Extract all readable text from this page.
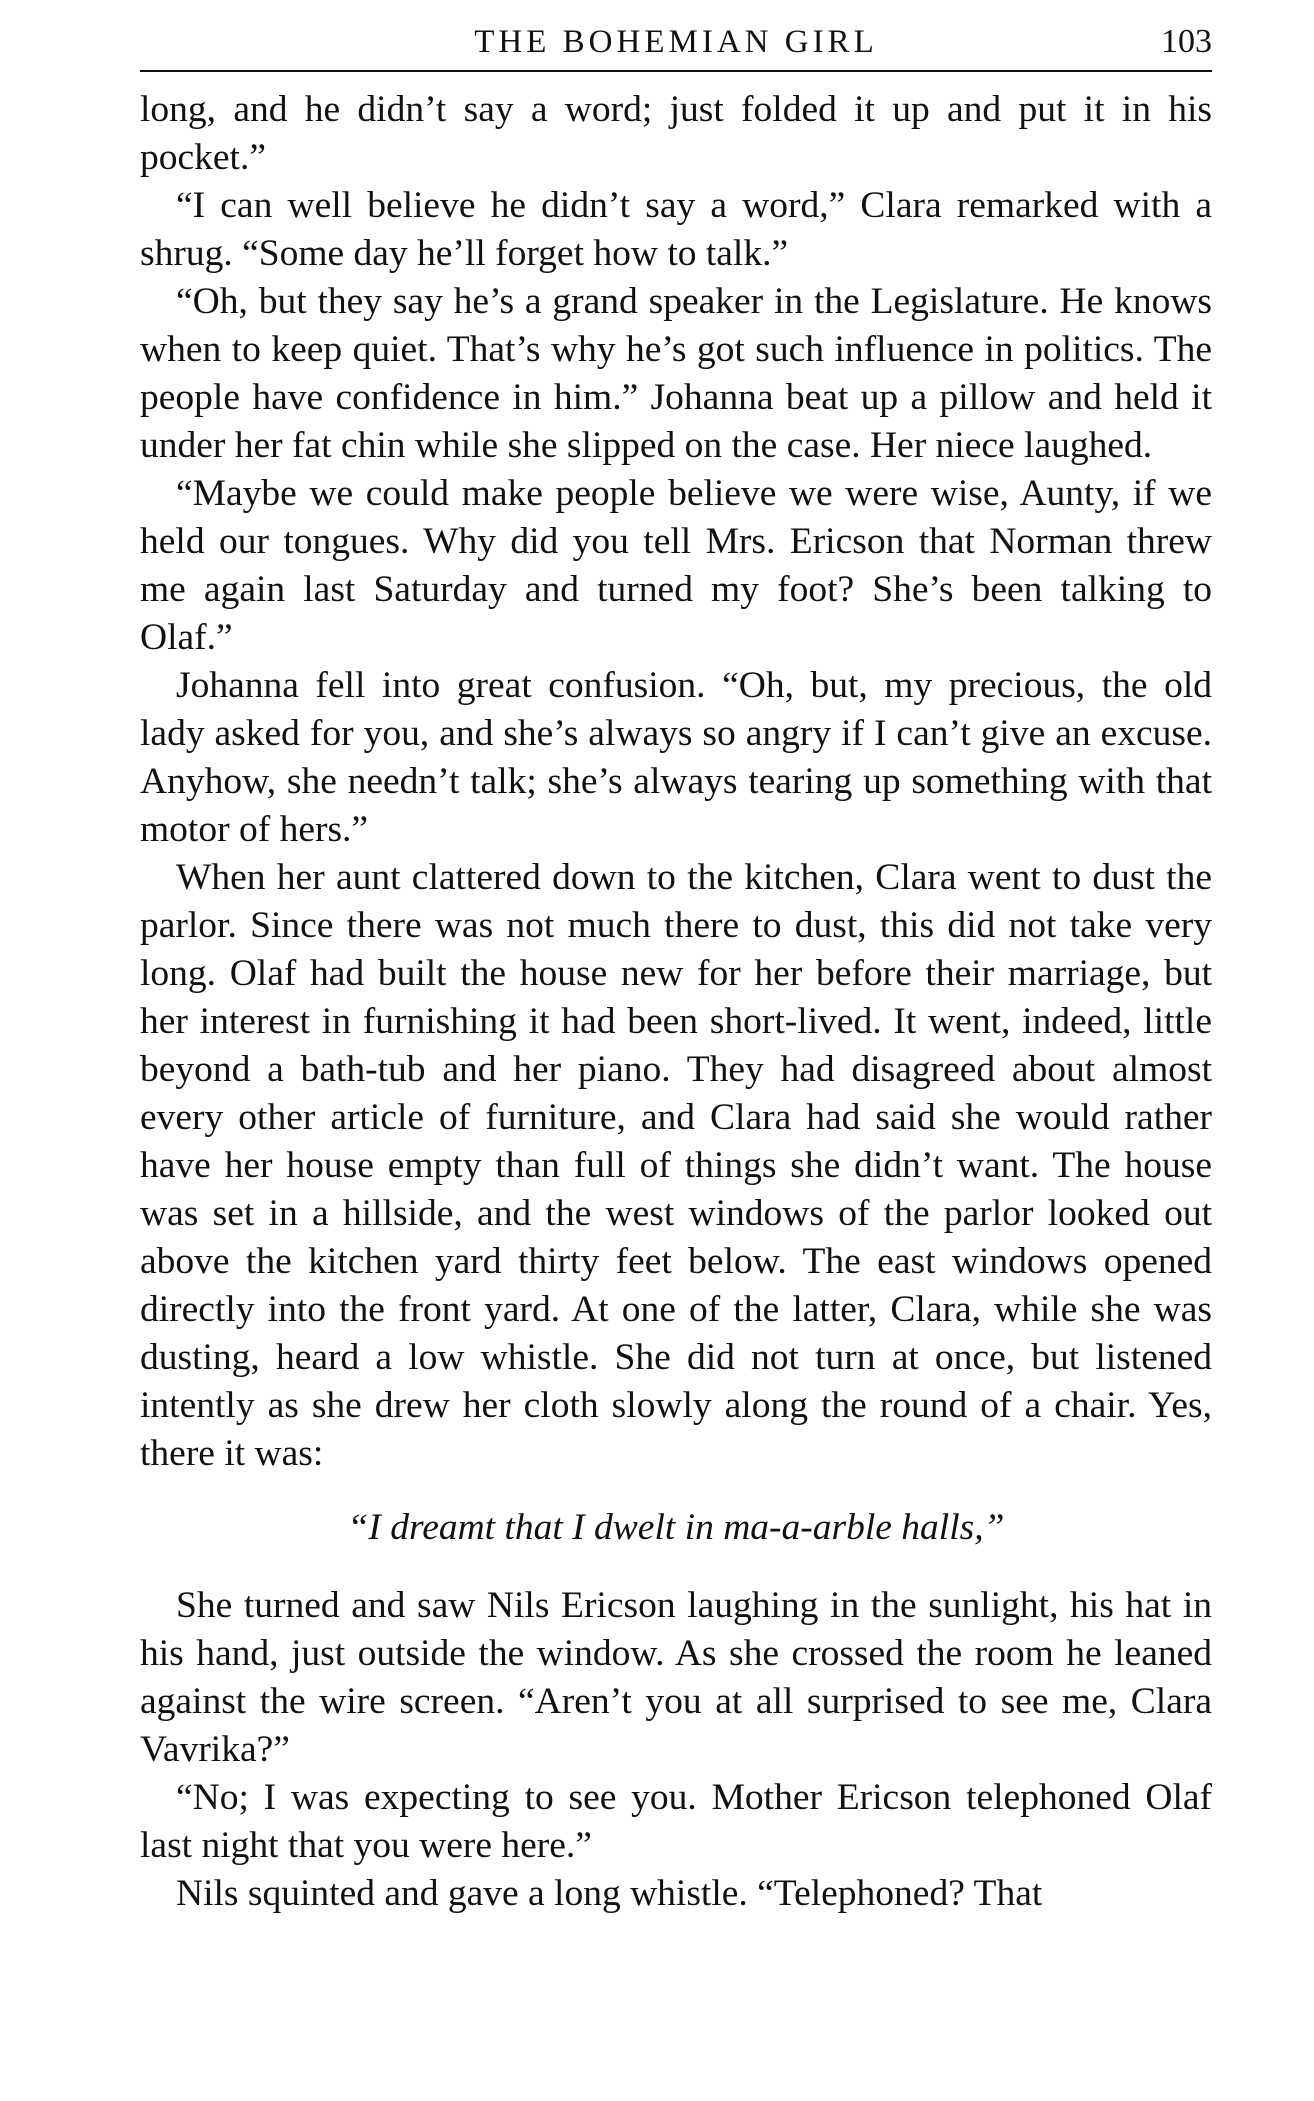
THE BOHEMIAN GIRL	103

long, and he didn’t say a word; just folded it up and put it in his pocket.”

“I can well believe he didn’t say a word,” Clara remarked with a shrug. “Some day he’ll forget how to talk.”

“Oh, but they say he’s a grand speaker in the Legislature. He knows when to keep quiet. That’s why he’s got such influence in politics. The people have confidence in him.” Johanna beat up a pillow and held it under her fat chin while she slipped on the case. Her niece laughed.

“Maybe we could make people believe we were wise, Aunty, if we held our tongues. Why did you tell Mrs. Ericson that Norman threw me again last Saturday and turned my foot? She’s been talking to Olaf.”

Johanna fell into great confusion. “Oh, but, my precious, the old lady asked for you, and she’s always so angry if I can’t give an excuse. Anyhow, she needn’t talk; she’s always tearing up something with that motor of hers.”

When her aunt clattered down to the kitchen, Clara went to dust the parlor. Since there was not much there to dust, this did not take very long. Olaf had built the house new for her before their marriage, but her interest in furnishing it had been short-lived. It went, indeed, little beyond a bath-tub and her piano. They had disagreed about almost every other article of furniture, and Clara had said she would rather have her house empty than full of things she didn’t want. The house was set in a hillside, and the west windows of the parlor looked out above the kitchen yard thirty feet below. The east windows opened directly into the front yard. At one of the latter, Clara, while she was dusting, heard a low whistle. She did not turn at once, but listened intently as she drew her cloth slowly along the round of a chair. Yes, there it was:

“I dreamt that I dwelt in ma-a-arble halls,”

She turned and saw Nils Ericson laughing in the sunlight, his hat in his hand, just outside the window. As she crossed the room he leaned against the wire screen. “Aren’t you at all surprised to see me, Clara Vavrika?”

“No; I was expecting to see you. Mother Ericson telephoned Olaf last night that you were here.”

Nils squinted and gave a long whistle. “Telephoned? That
